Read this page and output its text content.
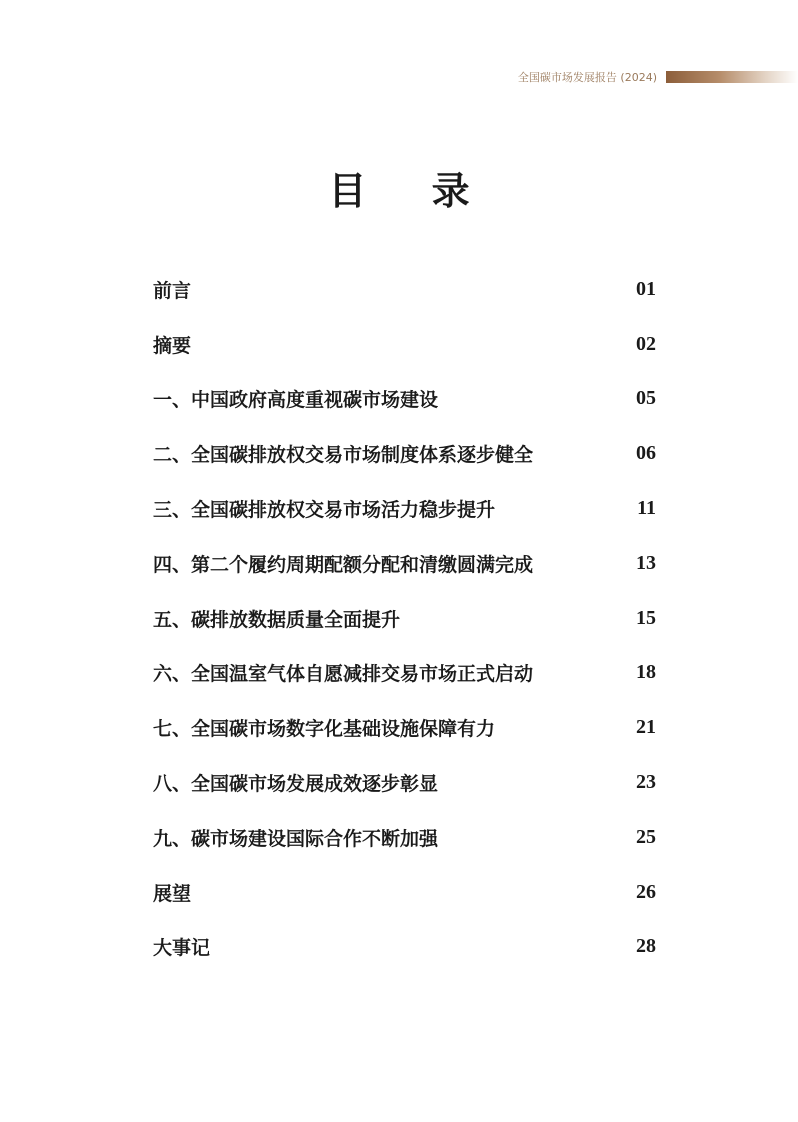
全国碳市场发展报告 (2024)
目 录
前言	01
摘要	02
一、中国政府高度重视碳市场建设	05
二、全国碳排放权交易市场制度体系逐步健全	06
三、全国碳排放权交易市场活力稳步提升	11
四、第二个履约周期配额分配和清缴圆满完成	13
五、碳排放数据质量全面提升	15
六、全国温室气体自愿减排交易市场正式启动	18
七、全国碳市场数字化基础设施保障有力	21
八、全国碳市场发展成效逐步彰显	23
九、碳市场建设国际合作不断加强	25
展望	26
大事记	28
